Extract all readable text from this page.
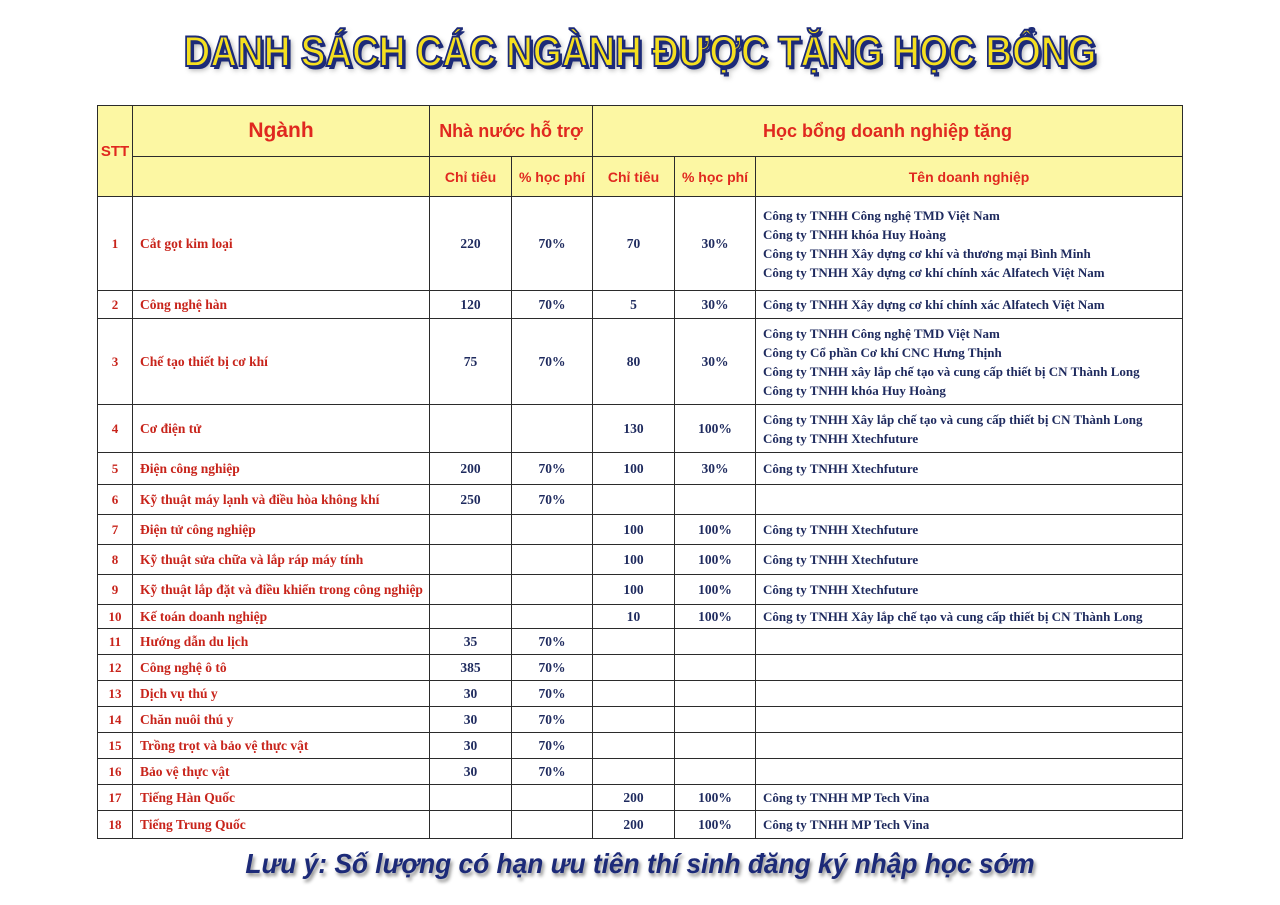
DANH SÁCH CÁC NGÀNH ĐƯỢC TẶNG HỌC BỔNG
STT	Ngành	Nhà nước hỗ trợ		Học bổng doanh nghiệp tặng		
		Chỉ tiêu	% học phí	Chỉ tiêu	% học phí	Tên doanh nghiệp
1	Cắt gọt kim loại	220	70%	70	30%	Công ty TNHH Công nghệ TMD Việt Nam
Công ty TNHH khóa Huy Hoàng
Công ty TNHH Xây dựng cơ khí và thương mại Bình Minh
Công ty TNHH Xây dựng cơ khí chính xác Alfatech Việt Nam

2	Công nghệ hàn	120	70%	5	30%	Công ty TNHH Xây dựng cơ khí chính xác Alfatech Việt Nam

3	Chế tạo thiết bị cơ khí	75	70%	80	30%	Công ty TNHH Công nghệ TMD Việt Nam
Công ty Cổ phần Cơ khí CNC Hưng Thịnh
Công ty TNHH xây lắp chế tạo và cung cấp thiết bị CN Thành Long
Công ty TNHH khóa Huy Hoàng

4	Cơ điện tử			130	100%	Công ty TNHH Xây lắp chế tạo và cung cấp thiết bị CN Thành Long
Công ty TNHH Xtechfuture

5	Điện công nghiệp	200	70%	100	30%	Công ty TNHH Xtechfuture

6	Kỹ thuật máy lạnh và điều hòa không khí	250	70%			
7	Điện tử công nghiệp			100	100%	Công ty TNHH Xtechfuture

8	Kỹ thuật sửa chữa và lắp ráp máy tính			100	100%	Công ty TNHH Xtechfuture

9	Kỹ thuật lắp đặt và điều khiển trong công nghiệp			100	100%	Công ty TNHH Xtechfuture

10	Kế toán doanh nghiệp			10	100%	Công ty TNHH Xây lắp chế tạo và cung cấp thiết bị CN Thành Long

11	Hướng dẫn du lịch	35	70%			
12	Công nghệ ô tô	385	70%			
13	Dịch vụ thú y	30	70%			
14	Chăn nuôi thú y	30	70%			
15	Trồng trọt và bảo vệ thực vật	30	70%			
16	Bảo vệ thực vật	30	70%			
17	Tiếng Hàn Quốc			200	100%	Công ty TNHH MP Tech Vina

18	Tiếng Trung Quốc			200	100%	Công ty TNHH MP Tech Vina
Lưu ý: Số lượng có hạn ưu tiên thí sinh đăng ký nhập học sớm
